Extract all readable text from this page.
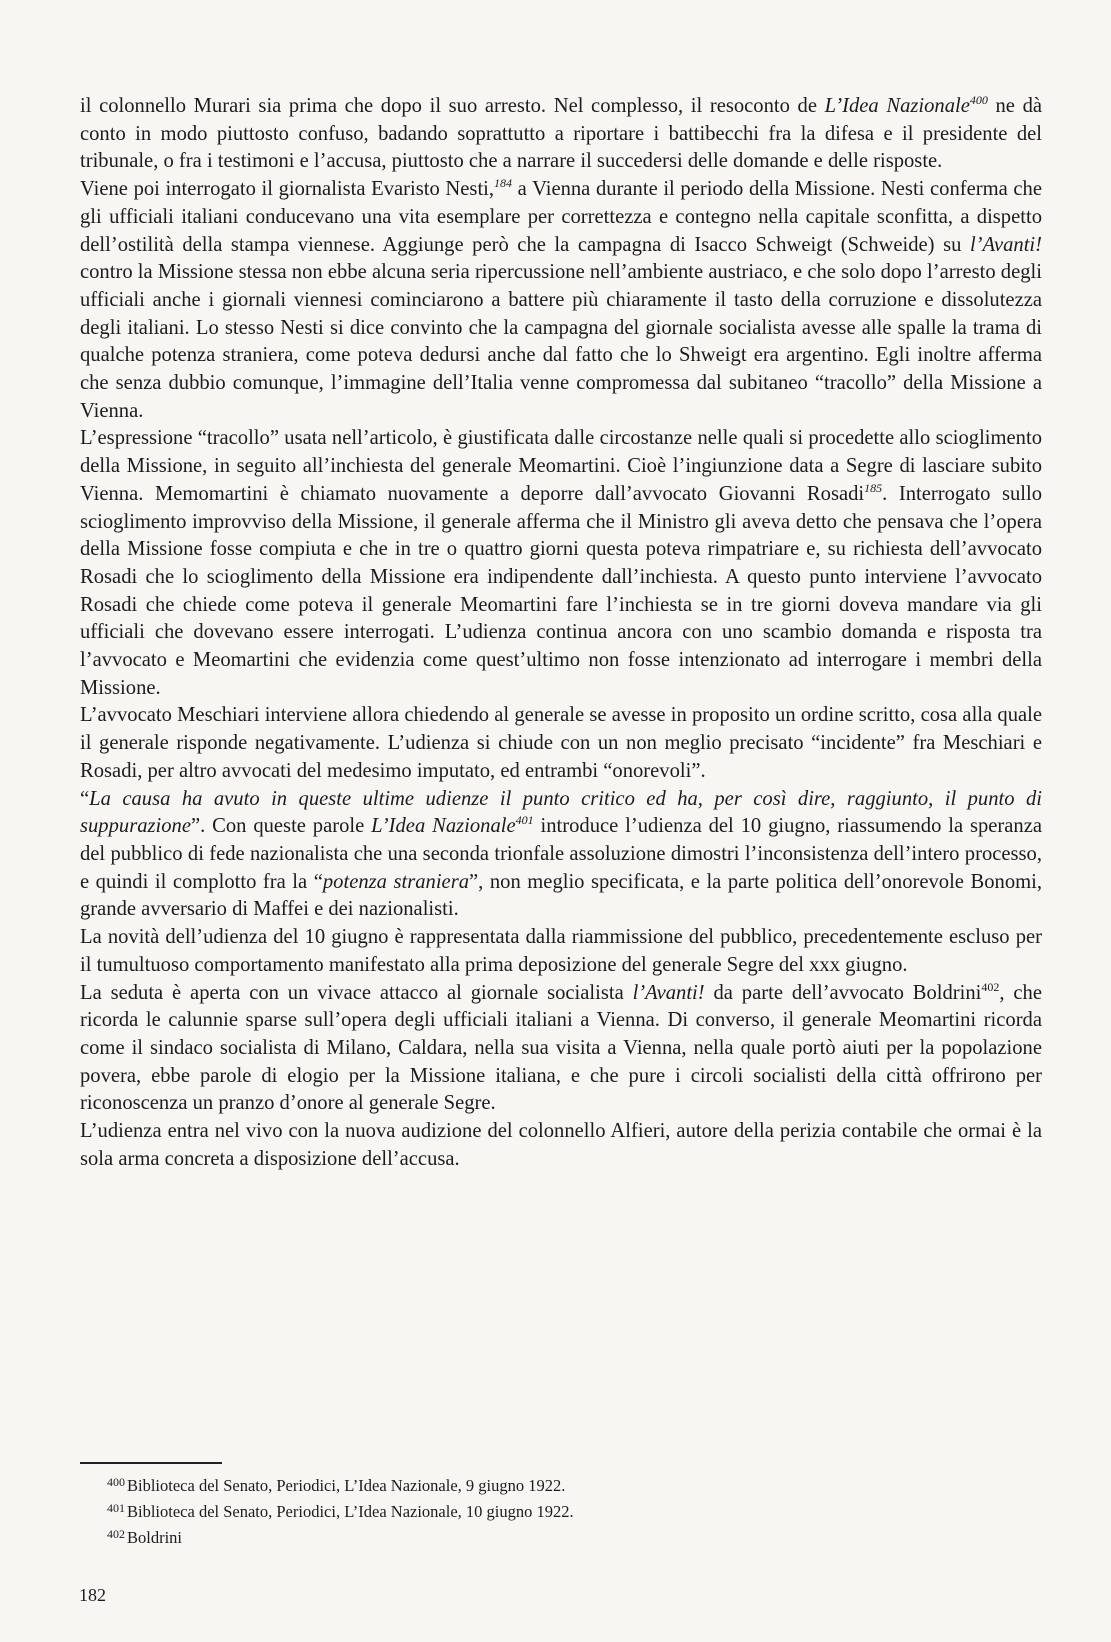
il colonnello Murari sia prima che dopo il suo arresto. Nel complesso, il resoconto de L’Idea Nazionale$^{400}$ ne dà conto in modo piuttosto confuso, badando soprattutto a riportare i battibecchi fra la difesa e il presidente del tribunale, o fra i testimoni e l’accusa, piuttosto che a narrare il succedersi delle domande e delle risposte.

Viene poi interrogato il giornalista Evaristo Nesti,$^{184}$ a Vienna durante il periodo della Missione. Nesti conferma che gli ufficiali italiani conducevano una vita esemplare per correttezza e contegno nella capitale sconfitta, a dispetto dell’ostilità della stampa viennese. Aggiunge però che la campagna di Isacco Schweigt (Schweide) su l’Avanti! contro la Missione stessa non ebbe alcuna seria ripercussione nell’ambiente austriaco, e che solo dopo l’arresto degli ufficiali anche i giornali viennesi cominciarono a battere più chiaramente il tasto della corruzione e dissolutezza degli italiani. Lo stesso Nesti si dice convinto che la campagna del giornale socialista avesse alle spalle la trama di qualche potenza straniera, come poteva dedursi anche dal fatto che lo Shweigt era argentino. Egli inoltre afferma che senza dubbio comunque, l’immagine dell’Italia venne compromessa dal subitaneo “tracollo” della Missione a Vienna.

L’espressione “tracollo” usata nell’articolo, è giustificata dalle circostanze nelle quali si procedette allo scioglimento della Missione, in seguito all’inchiesta del generale Meomartini. Cioè l’ingiunzione data a Segre di lasciare subito Vienna. Memomartini è chiamato nuovamente a deporre dall’avvocato Giovanni Rosadi$^{185}$. Interrogato sullo scioglimento improvviso della Missione, il generale afferma che il Ministro gli aveva detto che pensava che l’opera della Missione fosse compiuta e che in tre o quattro giorni questa poteva rimpatriare e, su richiesta dell’avvocato Rosadi che lo scioglimento della Missione era indipendente dall’inchiesta. A questo punto interviene l’avvocato Rosadi che chiede come poteva il generale Meomartini fare l’inchiesta se in tre giorni doveva mandare via gli ufficiali che dovevano essere interrogati. L’udienza continua ancora con uno scambio domanda e risposta tra l’avvocato e Meomartini che evidenzia come quest’ultimo non fosse intenzionato ad interrogare i membri della Missione.

L’avvocato Meschiari interviene allora chiedendo al generale se avesse in proposito un ordine scritto, cosa alla quale il generale risponde negativamente. L’udienza si chiude con un non meglio precisato “incidente” fra Meschiari e Rosadi, per altro avvocati del medesimo imputato, ed entrambi “onorevoli”.

“La causa ha avuto in queste ultime udienze il punto critico ed ha, per così dire, raggiunto, il punto di suppurazione”. Con queste parole L’Idea Nazionale$^{401}$ introduce l’udienza del 10 giugno, riassumendo la speranza del pubblico di fede nazionalista che una seconda trionfale assoluzione dimostri l’inconsistenza dell’intero processo, e quindi il complotto fra la “potenza straniera”, non meglio specificata, e la parte politica dell’onorevole Bonomi, grande avversario di Maffei e dei nazionalisti.

La novità dell’udienza del 10 giugno è rappresentata dalla riammissione del pubblico, precedentemente escluso per il tumultuoso comportamento manifestato alla prima deposizione del generale Segre del xxx giugno.

La seduta è aperta con un vivace attacco al giornale socialista l’Avanti! da parte dell’avvocato Boldrini$^{402}$, che ricorda le calunnie sparse sull’opera degli ufficiali italiani a Vienna. Di converso, il generale Meomartini ricorda come il sindaco socialista di Milano, Caldara, nella sua visita a Vienna, nella quale portò aiuti per la popolazione povera, ebbe parole di elogio per la Missione italiana, e che pure i circoli socialisti della città offrirono per riconoscenza un pranzo d’onore al generale Segre.

L’udienza entra nel vivo con la nuova audizione del colonnello Alfieri, autore della perizia contabile che ormai è la sola arma concreta a disposizione dell’accusa.

$^{400}$ Biblioteca del Senato, Periodici, L’Idea Nazionale, 9 giugno 1922.
$^{401}$ Biblioteca del Senato, Periodici, L’Idea Nazionale, 10 giugno 1922.
$^{402}$ Boldrini
182
